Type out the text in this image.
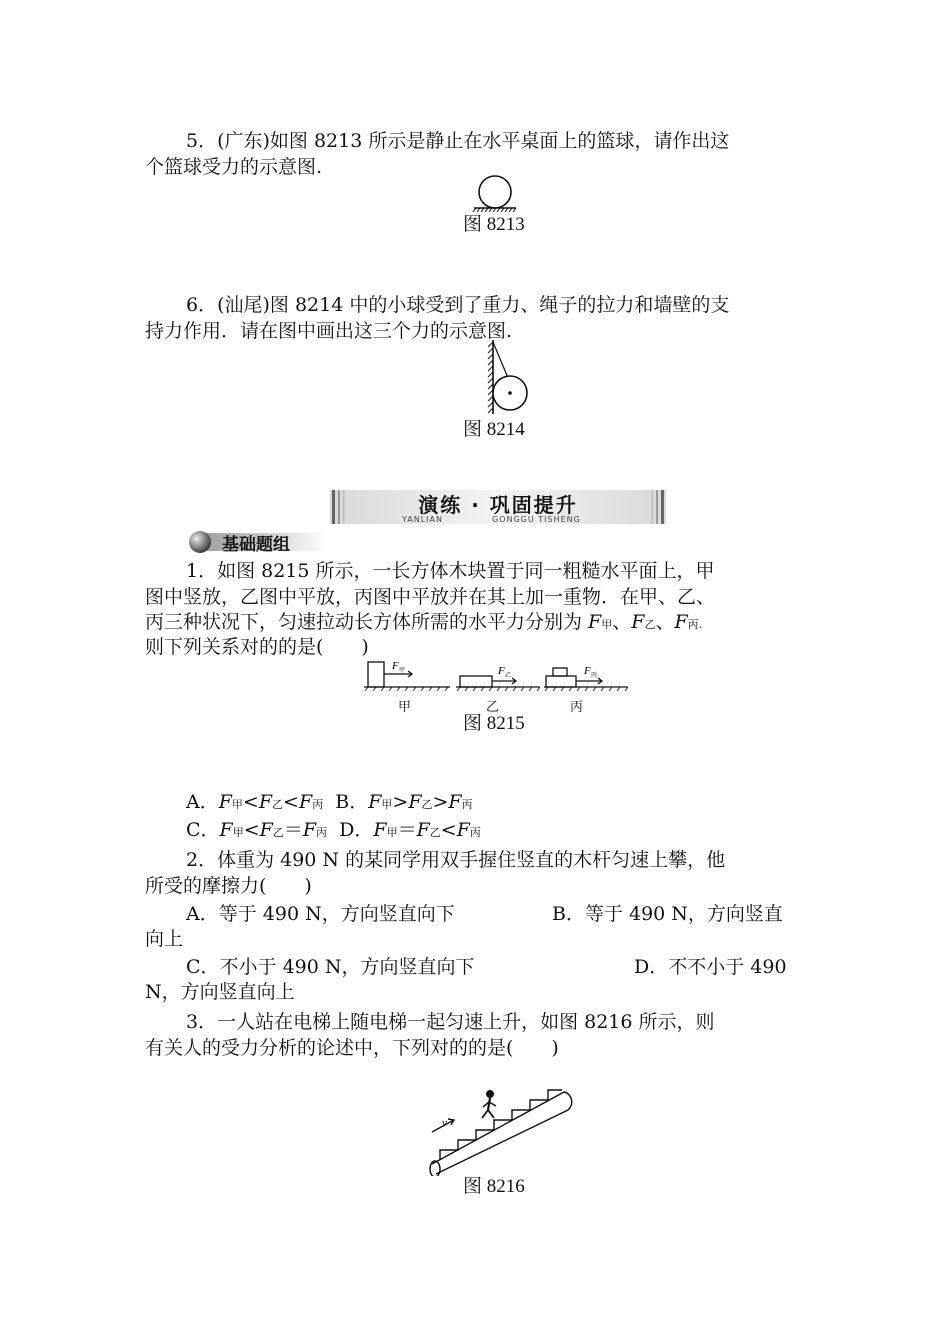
5．(广东)如图 8213 所示是静止在水平桌面上的篮球，请作出这
个篮球受力的示意图.
图 8213
6．(汕尾)图 8214 中的小球受到了重力、绳子的拉力和墙壁的支
持力作用．请在图中画出这三个力的示意图.
图 8214
演练 · 巩固提升
YANLIAN	GONGGU TISHENG
基础题组
1．如图 8215 所示，一长方体木块置于同一粗糙水平面上，甲
图中竖放，乙图中平放，丙图中平放并在其上加一重物．在甲、乙、
丙三种状况下，匀速拉动长方体所需的水平力分别为 F甲、F乙、F丙.
则下列关系对的的是(　　)
F 甲	F 乙	F 丙
甲	乙	丙
图 8215
A．F甲<F乙<F丙 B．F甲>F乙>F丙
C．F甲<F乙＝F丙 D．F甲＝F乙<F丙
2．体重为 490 N 的某同学用双手握住竖直的木杆匀速上攀，他
所受的摩擦力(　　)
A．等于 490 N，方向竖直向下	B．等于 490 N，方向竖直
向上
C．不小于 490 N，方向竖直向下	D．不不小于 490
N，方向竖直向上
3．一人站在电梯上随电梯一起匀速上升，如图 8216 所示，则
有关人的受力分析的论述中，下列对的的是(　　)
v
图 8216
